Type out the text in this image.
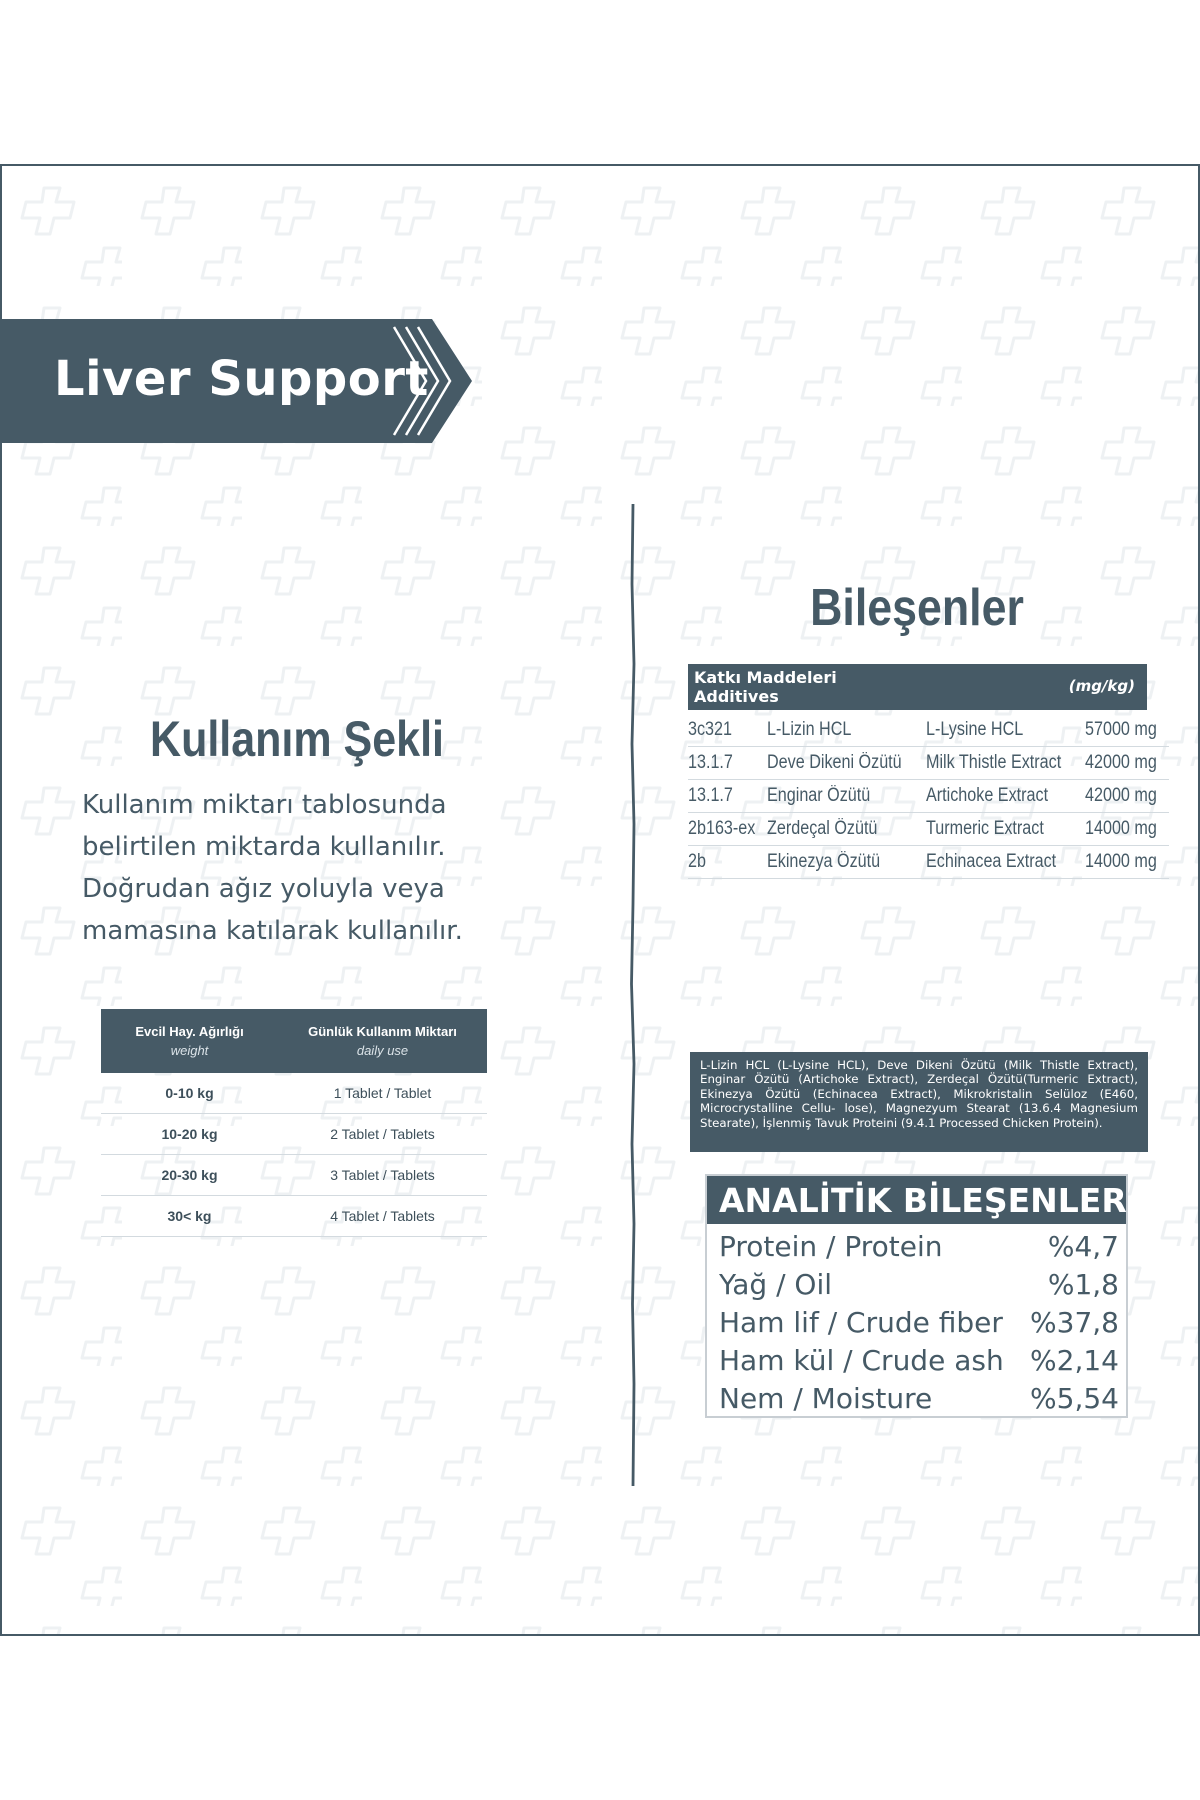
Liver Support
Kullanım Şekli
Kullanım miktarı tablosunda
belirtilen miktarda kullanılır.
Doğrudan ağız yoluyla veya
mamasına katılarak kullanılır.
Evcil Hay. Ağırlığı
weight	Günlük Kullanım Miktarı
daily use

0-10 kg	1 Tablet / Tablet
10-20 kg	2 Tablet / Tablets
20-30 kg	3 Tablet / Tablets
30< kg	4 Tablet / Tablets
Bileşenler
Katkı Maddeleri
Additives
(mg/kg)
3c321	L-Lizin HCL	L-Lysine HCL	57000 mg
13.1.7	Deve Dikeni Özütü	Milk Thistle Extract	42000 mg
13.1.7	Enginar Özütü	Artichoke Extract	42000 mg
2b163-ex	Zerdeçal Özütü	Turmeric Extract	14000 mg
2b	Ekinezya Özütü	Echinacea Extract	14000 mg
L-Lizin HCL (L-Lysine HCL), Deve Dikeni Özütü (Milk Thistle Extract), Enginar Özütü (Artichoke Extract), Zerdeçal Özütü(Turmeric Extract), Ekinezya Özütü (Echinacea Extract), Mikrokristalin Selüloz (E460, Microcrystalline Cellu- lose), Magnezyum Stearat (13.6.4 Magnesium Stearate), İşlenmiş Tavuk Proteini (9.4.1 Processed Chicken Protein).
ANALİTİK BİLEŞENLER
Protein / Protein	%4,7
Yağ / Oil	%1,8
Ham lif / Crude fiber %37,8
Ham kül / Crude ash %2,14
Nem / Moisture	%5,54
